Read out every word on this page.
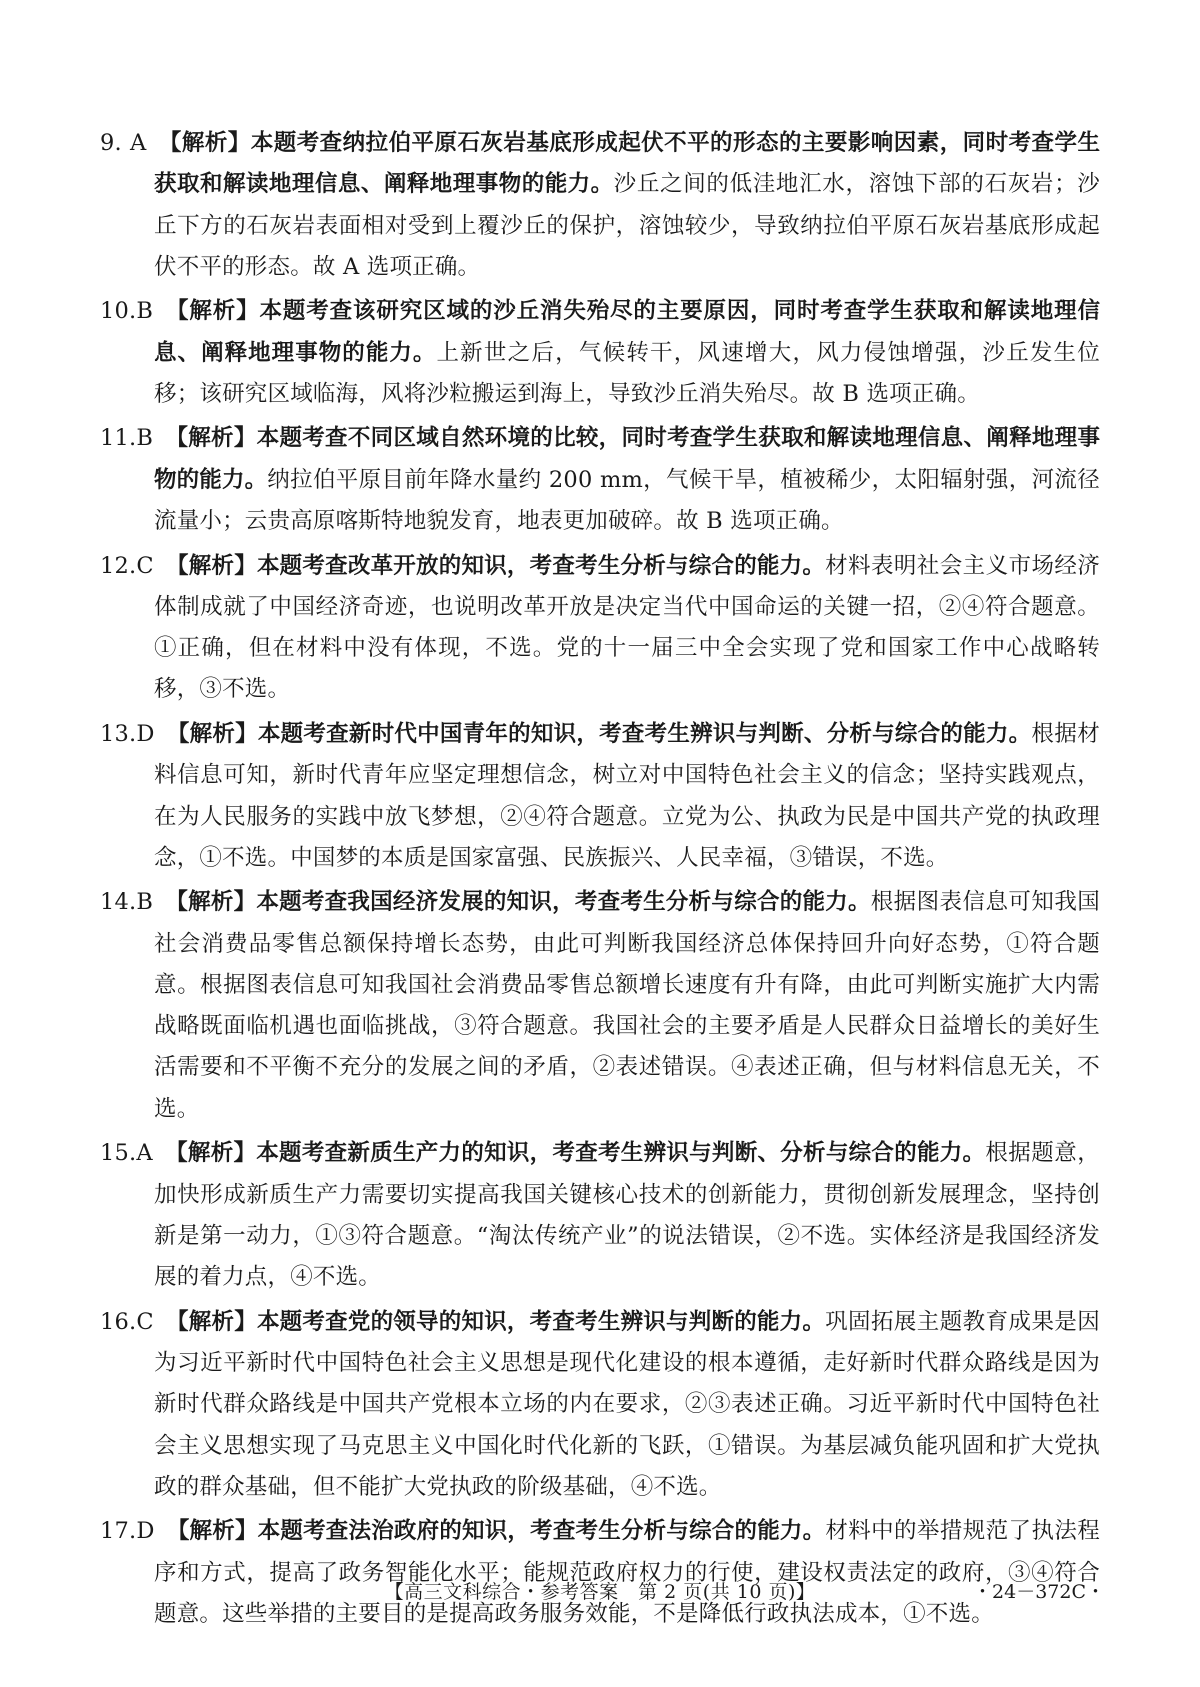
9. A 【解析】本题考查纳拉伯平原石灰岩基底形成起伏不平的形态的主要影响因素，同时考查学生获取和解读地理信息、阐释地理事物的能力。沙丘之间的低洼地汇水，溶蚀下部的石灰岩；沙丘下方的石灰岩表面相对受到上覆沙丘的保护，溶蚀较少，导致纳拉伯平原石灰岩基底形成起伏不平的形态。故 A 选项正确。

10.B 【解析】本题考查该研究区域的沙丘消失殆尽的主要原因，同时考查学生获取和解读地理信息、阐释地理事物的能力。上新世之后，气候转干，风速增大，风力侵蚀增强，沙丘发生位移；该研究区域临海，风将沙粒搬运到海上，导致沙丘消失殆尽。故 B 选项正确。

11.B 【解析】本题考查不同区域自然环境的比较，同时考查学生获取和解读地理信息、阐释地理事物的能力。纳拉伯平原目前年降水量约 200 mm，气候干旱，植被稀少，太阳辐射强，河流径流量小；云贵高原喀斯特地貌发育，地表更加破碎。故 B 选项正确。

12.C 【解析】本题考查改革开放的知识，考查考生分析与综合的能力。材料表明社会主义市场经济体制成就了中国经济奇迹，也说明改革开放是决定当代中国命运的关键一招，②④符合题意。①正确，但在材料中没有体现，不选。党的十一届三中全会实现了党和国家工作中心战略转移，③不选。

13.D 【解析】本题考查新时代中国青年的知识，考查考生辨识与判断、分析与综合的能力。根据材料信息可知，新时代青年应坚定理想信念，树立对中国特色社会主义的信念；坚持实践观点，在为人民服务的实践中放飞梦想，②④符合题意。立党为公、执政为民是中国共产党的执政理念，①不选。中国梦的本质是国家富强、民族振兴、人民幸福，③错误，不选。

14.B 【解析】本题考查我国经济发展的知识，考查考生分析与综合的能力。根据图表信息可知我国社会消费品零售总额保持增长态势，由此可判断我国经济总体保持回升向好态势，①符合题意。根据图表信息可知我国社会消费品零售总额增长速度有升有降，由此可判断实施扩大内需战略既面临机遇也面临挑战，③符合题意。我国社会的主要矛盾是人民群众日益增长的美好生活需要和不平衡不充分的发展之间的矛盾，②表述错误。④表述正确，但与材料信息无关，不选。

15.A 【解析】本题考查新质生产力的知识，考查考生辨识与判断、分析与综合的能力。根据题意，加快形成新质生产力需要切实提高我国关键核心技术的创新能力，贯彻创新发展理念，坚持创新是第一动力，①③符合题意。“淘汰传统产业”的说法错误，②不选。实体经济是我国经济发展的着力点，④不选。

16.C 【解析】本题考查党的领导的知识，考查考生辨识与判断的能力。巩固拓展主题教育成果是因为习近平新时代中国特色社会主义思想是现代化建设的根本遵循，走好新时代群众路线是因为新时代群众路线是中国共产党根本立场的内在要求，②③表述正确。习近平新时代中国特色社会主义思想实现了马克思主义中国化时代化新的飞跃，①错误。为基层减负能巩固和扩大党执政的群众基础，但不能扩大党执政的阶级基础，④不选。

17.D 【解析】本题考查法治政府的知识，考查考生分析与综合的能力。材料中的举措规范了执法程序和方式，提高了政务智能化水平；能规范政府权力的行使，建设权责法定的政府，③④符合题意。这些举措的主要目的是提高政务服务效能，不是降低行政执法成本，①不选。

【高三文科综合・参考答案　第 2 页(共 10 页)】	・24－372C・
